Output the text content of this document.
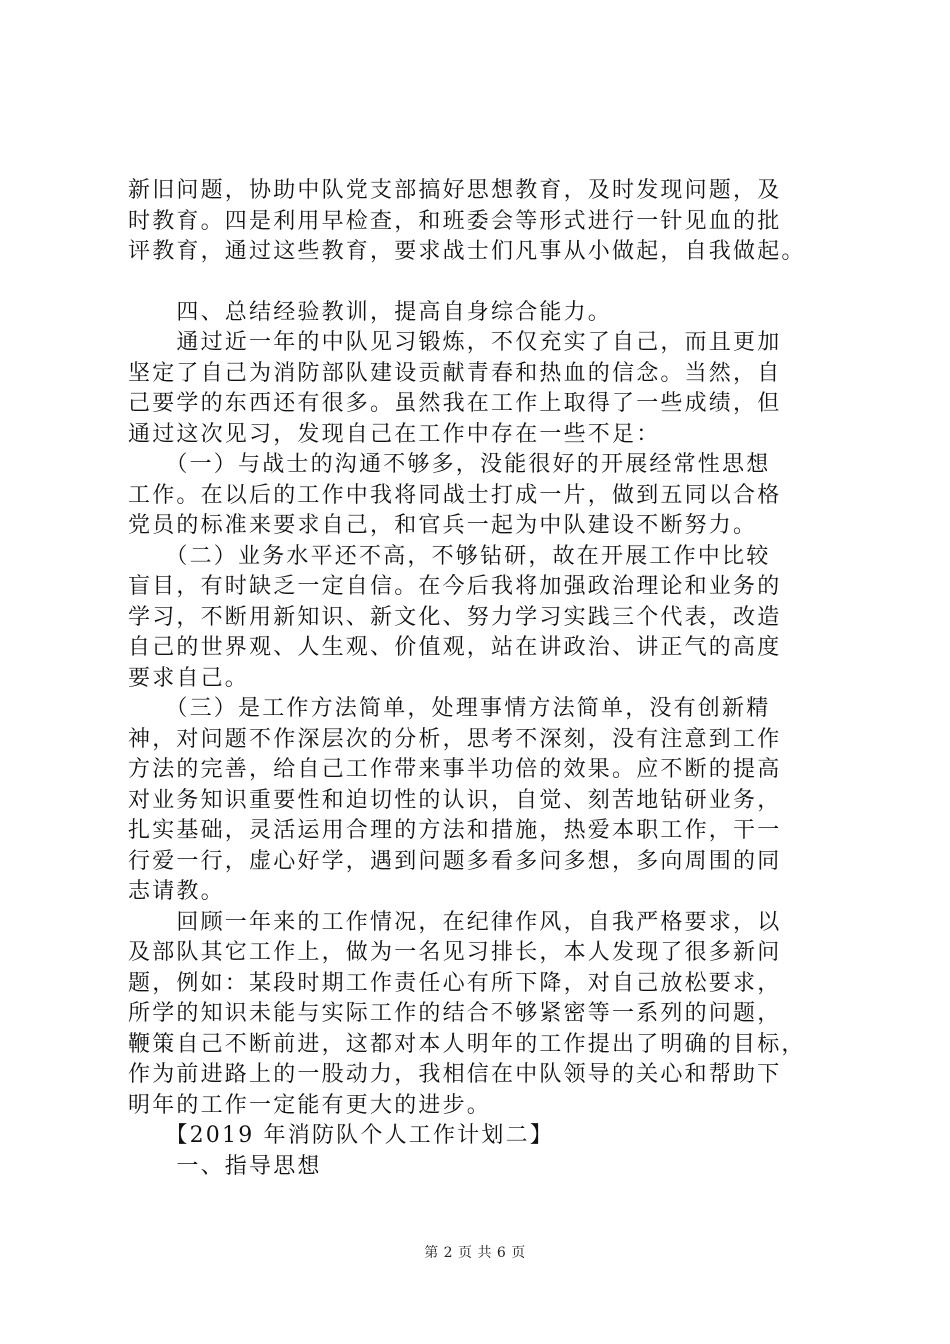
新旧问题，协助中队党支部搞好思想教育，及时发现问题，及
时教育。四是利用早检查，和班委会等形式进行一针见血的批
评教育，通过这些教育，要求战士们凡事从小做起，自我做起。

　　四、总结经验教训，提高自身综合能力。

　　通过近一年的中队见习锻炼，不仅充实了自己，而且更加
坚定了自己为消防部队建设贡献青春和热血的信念。当然，自
己要学的东西还有很多。虽然我在工作上取得了一些成绩，但
通过这次见习，发现自己在工作中存在一些不足：

　　（一）与战士的沟通不够多，没能很好的开展经常性思想
工作。在以后的工作中我将同战士打成一片，做到五同以合格
党员的标准来要求自己，和官兵一起为中队建设不断努力。

　　（二）业务水平还不高，不够钻研，故在开展工作中比较
盲目，有时缺乏一定自信。在今后我将加强政治理论和业务的
学习，不断用新知识、新文化、努力学习实践三个代表，改造
自己的世界观、人生观、价值观，站在讲政治、讲正气的高度
要求自己。

　　（三）是工作方法简单，处理事情方法简单，没有创新精
神，对问题不作深层次的分析，思考不深刻，没有注意到工作
方法的完善，给自己工作带来事半功倍的效果。应不断的提高
对业务知识重要性和迫切性的认识，自觉、刻苦地钻研业务，
扎实基础，灵活运用合理的方法和措施，热爱本职工作，干一
行爱一行，虚心好学，遇到问题多看多问多想，多向周围的同
志请教。

　　回顾一年来的工作情况，在纪律作风，自我严格要求，以
及部队其它工作上，做为一名见习排长，本人发现了很多新问
题，例如：某段时期工作责任心有所下降，对自己放松要求，
所学的知识未能与实际工作的结合不够紧密等一系列的问题，
鞭策自己不断前进，这都对本人明年的工作提出了明确的目标，
作为前进路上的一股动力，我相信在中队领导的关心和帮助下
明年的工作一定能有更大的进步。

　　【2019 年消防队个人工作计划二】

　　一、指导思想

第 2 页 共 6 页
